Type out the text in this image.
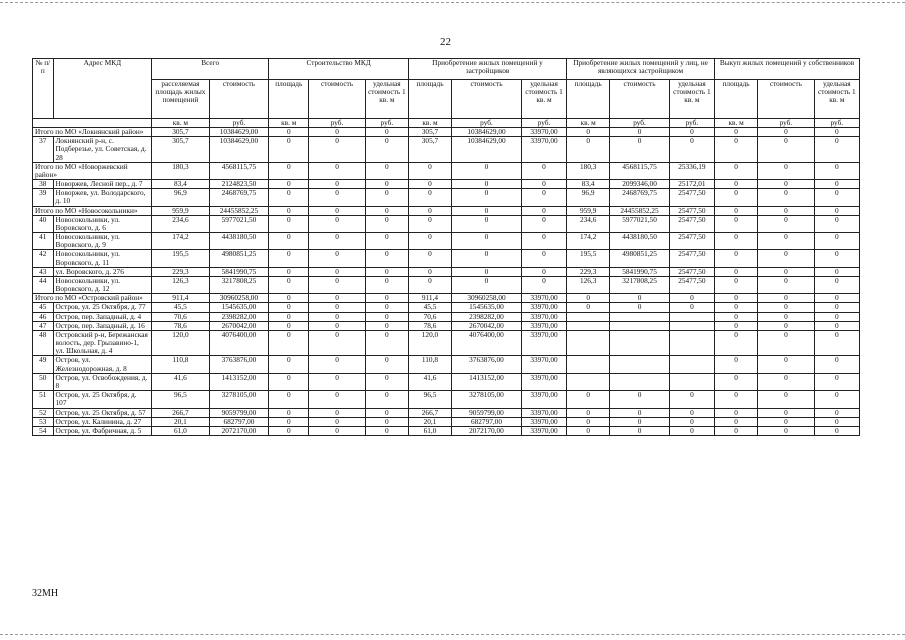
22
№ п/п	Адрес МКД	Всего		Строительство МКД			Приобретение жилых помещений у застройщиков			Приобретение жилых помещений у лиц, не являющихся застройщиком			Выкуп жилых помещений у собственников		
		расселяемая площадь жилых помещений	стоимость	площадь	стоимость	удельная стоимость 1 кв. м	площадь	стоимость	удельная стоимость 1 кв. м	площадь	стоимость	удельная стоимость 1 кв. м	площадь	стоимость	удельная стоимость 1 кв. м
		кв. м	руб.	кв. м	руб.	руб.	кв. м	руб.	руб.	кв. м	руб.	руб.	кв. м	руб.	руб.
Итого по МО «Локнянский район»		305,7	10384629,00	0	0	0	305,7	10384629,00	33970,00	0	0	0	0	0	0
37	Локнянский р-н, с. Подберезье, ул. Советская, д. 28	305,7	10384629,00	0	0	0	305,7	10384629,00	33970,00	0	0	0	0	0	0
Итого по МО «Новоржевский район»		180,3	4568115,75	0	0	0	0	0	0	180,3	4568115,75	25336,19	0	0	0
38	Новоржев, Лесной пер., д. 7	83,4	2124823,50	0	0	0	0	0	0	83,4	2099346,00	25172,01	0	0	0
39	Новоржев, ул. Володарского, д. 10	96,9	2468769,75	0	0	0	0	0	0	96,9	2468769,75	25477,50	0	0	0
Итого по МО «Новосокольники»		959,9	24455852,25	0	0	0	0	0	0	959,9	24455852,25	25477,50	0	0	0
40	Новосокольники, ул. Воровского, д. 6	234,6	5977021,50	0	0	0	0	0	0	234,6	5977021,50	25477,50	0	0	0
41	Новосокольники, ул. Воровского, д. 9	174,2	4438180,50	0	0	0	0	0	0	174,2	4438180,50	25477,50	0	0	0
42	Новосокольники, ул. Воровского, д. 11	195,5	4980851,25	0	0	0	0	0	0	195,5	4980851,25	25477,50	0	0	0
43	ул. Воровского, д. 276	229,3	5841990,75	0	0	0	0	0	0	229,3	5841990,75	25477,50	0	0	0
44	Новосокольники, ул. Воровского, д. 12	126,3	3217808,25	0	0	0	0	0	0	126,3	3217808,25	25477,50	0	0	0
Итого по МО «Островский район»		911,4	30960258,00	0	0	0	911,4	30960258,00	33970,00	0	0	0	0	0	0
45	Остров, ул. 25 Октября, д. 77	45,5	1545635,00	0	0	0	45,5	1545635,00	33970,00	0	0	0	0	0	0
46	Остров, пер. Западный, д. 4	70,6	2398282,00	0	0	0	70,6	2398282,00	33970,00				0	0	0
47	Остров, пер. Западный, д. 16	78,6	2670042,00	0	0	0	78,6	2670042,00	33970,00				0	0	0
48	Островский р-н, Бережанская волость, дер. Грызавино-1, ул. Школьная, д. 4	120,0	4076400,00	0	0	0	120,0	4076400,00	33970,00				0	0	0
49	Остров, ул. Железнодорожная, д. 8	110,8	3763876,00	0	0	0	110,8	3763876,00	33970,00				0	0	0
50	Остров, ул. Освобождения, д. 8	41,6	1413152,00	0	0	0	41,6	1413152,00	33970,00				0	0	0
51	Остров, ул. 25 Октября, д. 107	96,5	3278105,00	0	0	0	96,5	3278105,00	33970,00	0	0	0	0	0	0
52	Остров, ул. 25 Октября, д. 57	266,7	9059799,00	0	0	0	266,7	9059799,00	33970,00	0	0	0	0	0	0
53	Остров, ул. Калинина, д. 27	20,1	682797,00	0	0	0	20,1	682797,00	33970,00	0	0	0	0	0	0
54	Остров, ул. Фабричная, д. 5	61,0	2072170,00	0	0	0	61,0	2072170,00	33970,00	0	0	0	0	0	0
32МН
